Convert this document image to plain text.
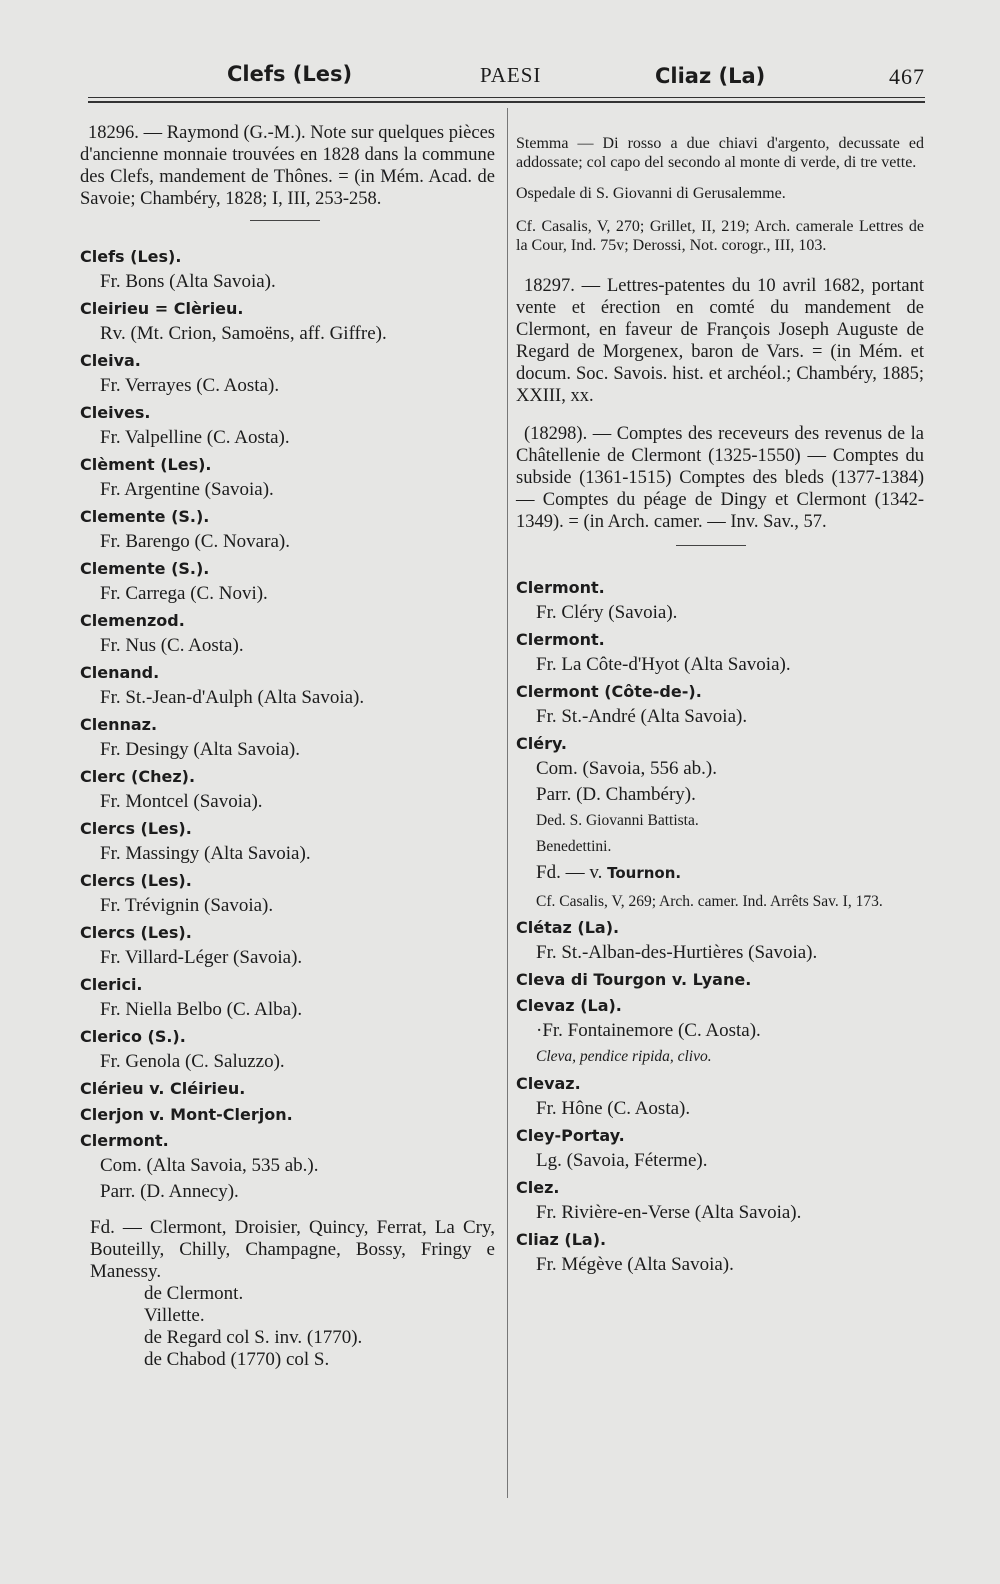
Clefs (Les)	PAESI	Cliaz (La)	467

18296. — Raymond (G.-M.). Note sur quelques pièces d'ancienne monnaie trouvées en 1828 dans la commune des Clefs, mandement de Thônes. = (in Mém. Acad. de Savoie; Chambéry, 1828; I, III, 253-258.

Clefs (Les).
Fr. Bons (Alta Savoia).
Cleirieu = Clèrieu.
Rv. (Mt. Crion, Samoëns, aff. Giffre).
Cleiva.
Fr. Verrayes (C. Aosta).
Cleives.
Fr. Valpelline (C. Aosta).
Clèment (Les).
Fr. Argentine (Savoia).
Clemente (S.).
Fr. Barengo (C. Novara).
Clemente (S.).
Fr. Carrega (C. Novi).
Clemenzod.
Fr. Nus (C. Aosta).
Clenand.
Fr. St.-Jean-d'Aulph (Alta Savoia).
Clennaz.
Fr. Desingy (Alta Savoia).
Clerc (Chez).
Fr. Montcel (Savoia).
Clercs (Les).
Fr. Massingy (Alta Savoia).
Clercs (Les).
Fr. Trévignin (Savoia).
Clercs (Les).
Fr. Villard-Léger (Savoia).
Clerici.
Fr. Niella Belbo (C. Alba).
Clerico (S.).
Fr. Genola (C. Saluzzo).
Clérieu v. Cléirieu.
Clerjon v. Mont-Clerjon.
Clermont.
Com. (Alta Savoia, 535 ab.).
Parr. (D. Annecy).

Fd. — Clermont, Droisier, Quincy, Ferrat, La Cry, Bouteilly, Chilly, Champagne, Bossy, Fringy e Manessy.

de Clermont.
Villette.
de Regard col S. inv. (1770).
de Chabod (1770) col S.

Stemma — Di rosso a due chiavi d'argento, decussate ed addossate; col capo del secondo al monte di verde, di tre vette.

Ospedale di S. Giovanni di Gerusalemme.

Cf. Casalis, V, 270; Grillet, II, 219; Arch. camerale Lettres de la Cour, Ind. 75v; Derossi, Not. corogr., III, 103.

18297. — Lettres-patentes du 10 avril 1682, portant vente et érection en comté du mandement de Clermont, en faveur de François Joseph Auguste de Regard de Morgenex, baron de Vars. = (in Mém. et docum. Soc. Savois. hist. et archéol.; Chambéry, 1885; XXIII, xx.

(18298). — Comptes des receveurs des revenus de la Châtellenie de Clermont (1325-1550) — Comptes du subside (1361-1515) Comptes des bleds (1377-1384) — Comptes du péage de Dingy et Clermont (1342-1349). = (in Arch. camer. — Inv. Sav., 57.

Clermont.
Fr. Cléry (Savoia).
Clermont.
Fr. La Côte-d'Hyot (Alta Savoia).
Clermont (Côte-de-).
Fr. St.-André (Alta Savoia).
Cléry.
Com. (Savoia, 556 ab.).
Parr. (D. Chambéry).
Ded. S. Giovanni Battista.
Benedettini.
Fd. — v. Tournon.
Cf. Casalis, V, 269; Arch. camer. Ind. Arrêts Sav. I, 173.
Clétaz (La).
Fr. St.-Alban-des-Hurtières (Savoia).
Cleva di Tourgon v. Lyane.
Clevaz (La).
·Fr. Fontainemore (C. Aosta).
Cleva, pendice ripida, clivo.
Clevaz.
Fr. Hône (C. Aosta).
Cley-Portay.
Lg. (Savoia, Féterme).
Clez.
Fr. Rivière-en-Verse (Alta Savoia).
Cliaz (La).
Fr. Mégève (Alta Savoia).
